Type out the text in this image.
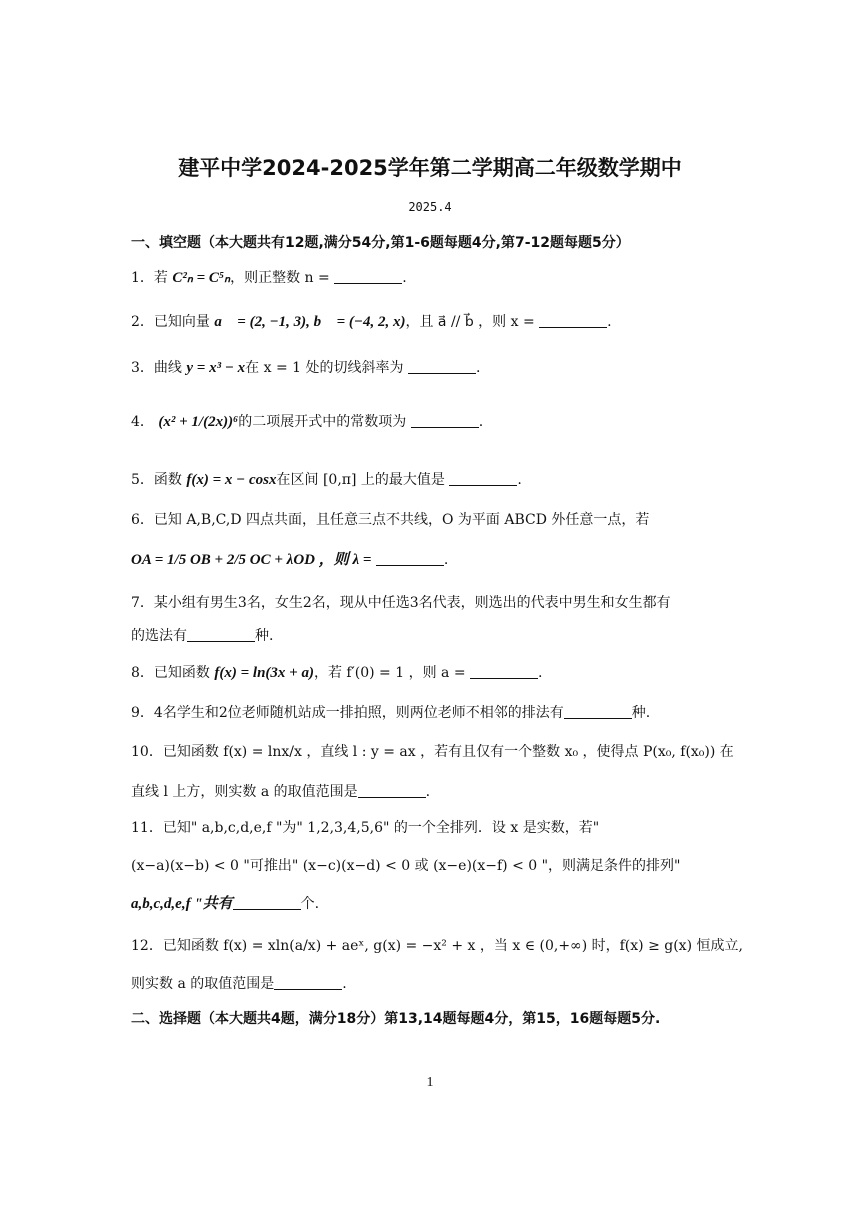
建平中学2024-2025学年第二学期高二年级数学期中
2025.4
一、填空题（本大题共有12题,满分54分,第1-6题每题4分,第7-12题每题5分）
1．若 C²ₙ = C⁵ₙ，则正整数 n =	.
2．已知向量 a⃗ = (2, −1, 3), b⃗ = (−4, 2, x)，且 a⃗ // b⃗ ，则 x =	.
3．曲线 y = x³ − x在 x = 1 处的切线斜率为	.
4． (x² + 1/(2x))⁶的二项展开式中的常数项为	.
5．函数 f(x) = x − cosx在区间 [0,π] 上的最大值是	.
6．已知 A,B,C,D 四点共面，且任意三点不共线，O 为平面 ABCD 外任意一点，若
OA = 1/5 OB + 2/5 OC + λOD ，则 λ =	.
7．某小组有男生3名，女生2名，现从中任选3名代表，则选出的代表中男生和女生都有
的选法有	种.
8．已知函数 f(x) = ln(3x + a)，若 f′(0) = 1 ，则 a =	.
9．4名学生和2位老师随机站成一排拍照，则两位老师不相邻的排法有	种.
10．已知函数 f(x) = lnx/x ，直线 l : y = ax ，若有且仅有一个整数 x₀ ，使得点 P(x₀, f(x₀)) 在
直线 l 上方，则实数 a 的取值范围是	.
11．已知" a,b,c,d,e,f "为" 1,2,3,4,5,6" 的一个全排列．设 x 是实数，若"
(x−a)(x−b) < 0 "可推出" (x−c)(x−d) < 0 或 (x−e)(x−f) < 0 "，则满足条件的排列"
a,b,c,d,e,f "共有	个.
12．已知函数 f(x) = xln(a/x) + aeˣ, g(x) = −x² + x ，当 x ∈ (0,+∞) 时，f(x) ≥ g(x) 恒成立,
则实数 a 的取值范围是	.
二、选择题（本大题共4题，满分18分）第13,14题每题4分，第15，16题每题5分.
1
